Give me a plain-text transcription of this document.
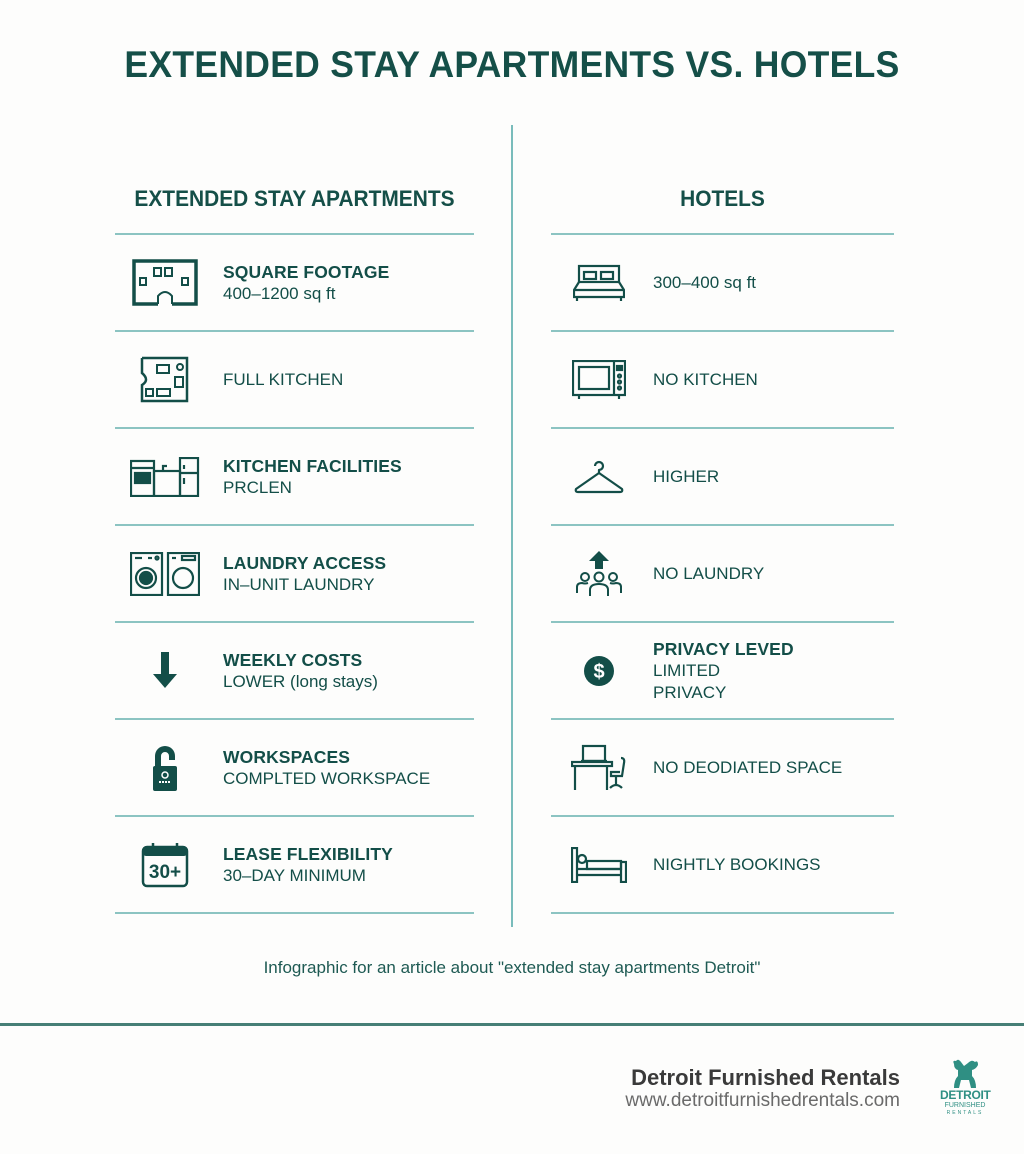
EXTENDED STAY APARTMENTS VS. HOTELS
EXTENDED STAY APARTMENTS
SQUARE FOOTAGE
400–1200 sq ft
FULL KITCHEN
KITCHEN FACILITIES
PRCLEN
LAUNDRY ACCESS
IN–UNIT LAUNDRY
WEEKLY COSTS
LOWER (long stays)
WORKSPACES
COMPLTED WORKSPACE
30+
LEASE FLEXIBILITY
30–DAY MINIMUM
HOTELS
300–400 sq ft
NO KITCHEN
HIGHER
NO LAUNDRY
$
PRIVACY LEVED
LIMITED
PRIVACY
NO DEODIATED SPACE
NIGHTLY BOOKINGS
Infographic for an article about "extended stay apartments Detroit"
Detroit Furnished Rentals
www.detroitfurnishedrentals.com	DETROIT
FURNISHED
RENTALS
